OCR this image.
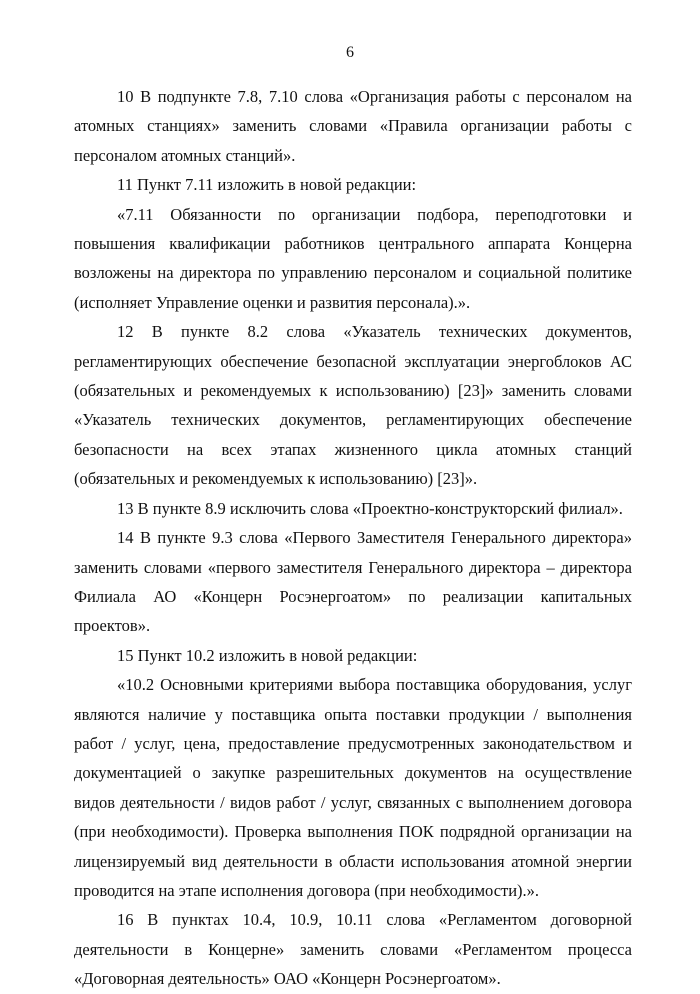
6

10 В подпункте 7.8, 7.10 слова «Организация работы с персоналом на атомных станциях» заменить словами «Правила организации работы с персоналом атомных станций».

11 Пункт 7.11 изложить в новой редакции:

«7.11 Обязанности по организации подбора, переподготовки и повышения квалификации работников центрального аппарата Концерна возложены на директора по управлению персоналом и социальной политике (исполняет Управление оценки и развития персонала).».

12 В пункте 8.2 слова «Указатель технических документов, регламентирующих обеспечение безопасной эксплуатации энергоблоков АС (обязательных и рекомендуемых к использованию) [23]» заменить словами «Указатель технических документов, регламентирующих обеспечение безопасности на всех этапах жизненного цикла атомных станций (обязательных и рекомендуемых к использованию) [23]».

13 В пункте 8.9 исключить слова «Проектно-конструкторский филиал».

14 В пункте 9.3 слова «Первого Заместителя Генерального директора» заменить словами «первого заместителя Генерального директора – директора Филиала АО «Концерн Росэнергоатом» по реализации капитальных проектов».

15 Пункт 10.2 изложить в новой редакции:

«10.2 Основными критериями выбора поставщика оборудования, услуг являются наличие у поставщика опыта поставки продукции / выполнения работ / услуг, цена, предоставление предусмотренных законодательством и документацией о закупке разрешительных документов на осуществление видов деятельности / видов работ / услуг, связанных с выполнением договора (при необходимости). Проверка выполнения ПОК подрядной организации на лицензируемый вид деятельности в области использования атомной энергии проводится на этапе исполнения договора (при необходимости).».

16 В пунктах 10.4, 10.9, 10.11 слова «Регламентом договорной деятельности в Концерне» заменить словами «Регламентом процесса «Договорная деятельность» ОАО «Концерн Росэнергоатом».
